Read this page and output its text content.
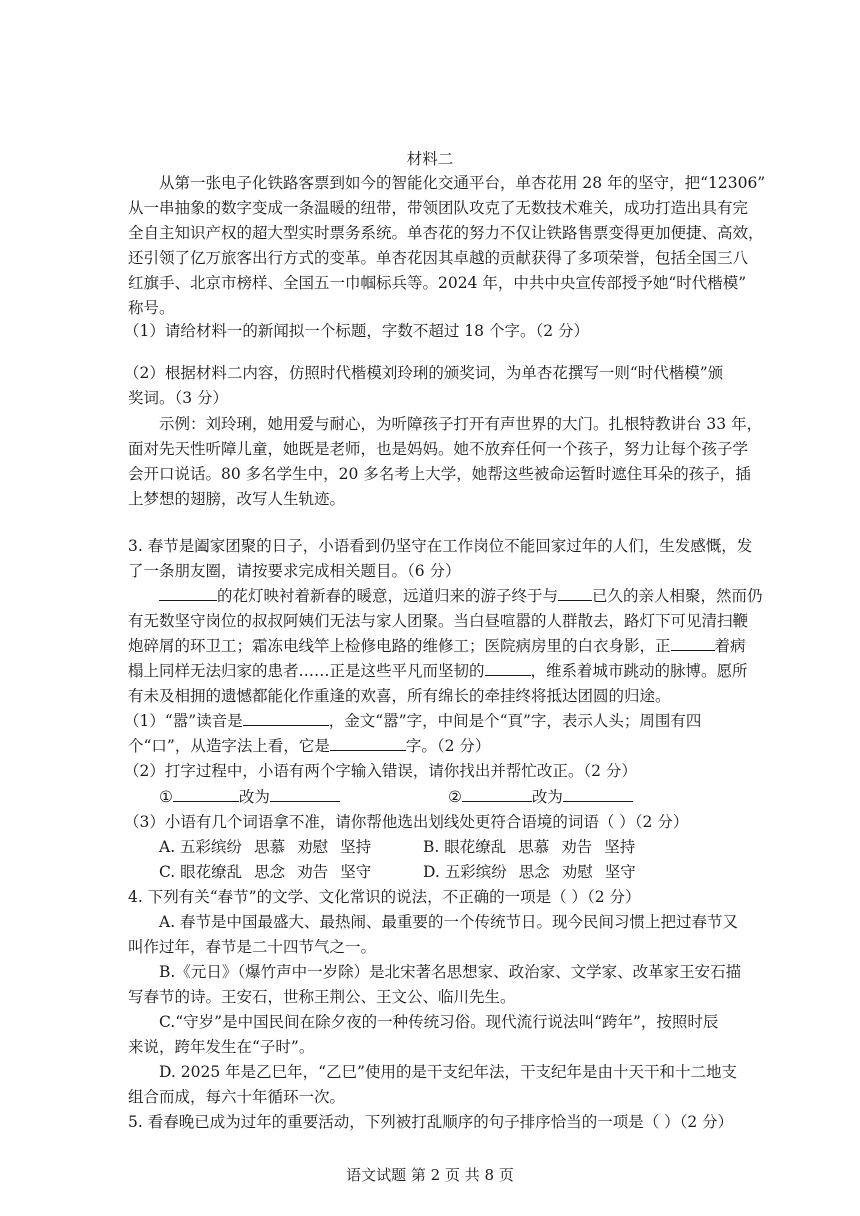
材料二
从第一张电子化铁路客票到如今的智能化交通平台，单杏花用 28 年的坚守，把“12306”
从一串抽象的数字变成一条温暖的纽带，带领团队攻克了无数技术难关，成功打造出具有完
全自主知识产权的超大型实时票务系统。单杏花的努力不仅让铁路售票变得更加便捷、高效，
还引领了亿万旅客出行方式的变革。单杏花因其卓越的贡献获得了多项荣誉，包括全国三八
红旗手、北京市榜样、全国五一巾帼标兵等。2024 年，中共中央宣传部授予她“时代楷模”
称号。
（1）请给材料一的新闻拟一个标题，字数不超过 18 个字。（2 分）
（2）根据材料二内容，仿照时代楷模刘玲琍的颁奖词，为单杏花撰写一则“时代楷模”颁
奖词。（3 分）
示例：刘玲琍，她用爱与耐心，为听障孩子打开有声世界的大门。扎根特教讲台 33 年，
面对先天性听障儿童，她既是老师，也是妈妈。她不放弃任何一个孩子，努力让每个孩子学
会开口说话。80 多名学生中，20 多名考上大学，她帮这些被命运暂时遮住耳朵的孩子，插
上梦想的翅膀，改写人生轨迹。
3. 春节是阖家团聚的日子，小语看到仍坚守在工作岗位不能回家过年的人们，生发感慨，发
了一条朋友圈，请按要求完成相关题目。（6 分）
的花灯映衬着新春的暖意，远道归来的游子终于与 已久的亲人相聚，然而仍
有无数坚守岗位的叔叔阿姨们无法与家人团聚。当白昼喧嚣的人群散去，路灯下可见清扫鞭
炮碎屑的环卫工；霜冻电线竿上检修电路的维修工；医院病房里的白衣身影，正	着病
榻上同样无法归家的患者……正是这些平凡而坚韧的	，维系着城市跳动的脉博。愿所
有未及相拥的遗憾都能化作重逢的欢喜，所有绵长的牵挂终将抵达团圆的归途。
（1）“嚣”读音是	，金文“嚣”字，中间是个“頁”字，表示人头；周围有四
个“口”，从造字法上看，它是	字。（2 分）
（2）打字过程中，小语有两个字输入错误，请你找出并帮忙改正。（2 分）
①	改为	②	改为
（3）小语有几个词语拿不准，请你帮他选出划线处更符合语境的词语（ ）（2 分）
A. 五彩缤纷 思慕 劝慰 坚持	B. 眼花缭乱 思慕 劝告 坚持
C. 眼花缭乱 思念 劝告 坚守	D. 五彩缤纷 思念 劝慰 坚守
4. 下列有关“春节”的文学、文化常识的说法，不正确的一项是（ ）（2 分）
A. 春节是中国最盛大、最热闹、最重要的一个传统节日。现今民间习惯上把过春节又
叫作过年，春节是二十四节气之一。
B.《元日》（爆竹声中一岁除）是北宋著名思想家、政治家、文学家、改革家王安石描
写春节的诗。王安石，世称王荆公、王文公、临川先生。
C.“守岁”是中国民间在除夕夜的一种传统习俗。现代流行说法叫“跨年”，按照时辰
来说，跨年发生在“子时”。
D. 2025 年是乙巳年，“乙巳”使用的是干支纪年法，干支纪年是由十天干和十二地支
组合而成，每六十年循环一次。
5. 看春晚已成为过年的重要活动，下列被打乱顺序的句子排序恰当的一项是（ ）（2 分）
语文试题 第 2 页 共 8 页
